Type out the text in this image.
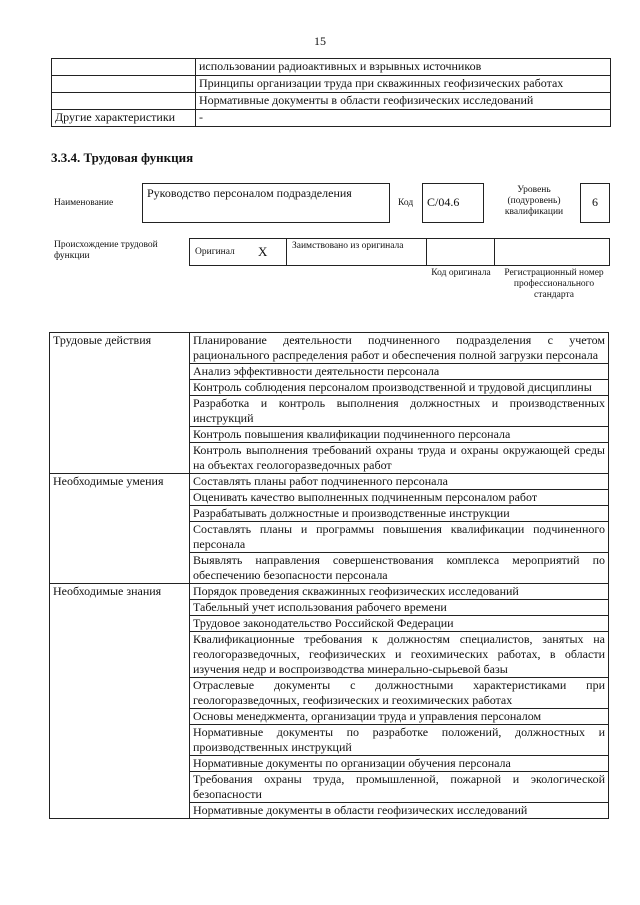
15
	использовании радиоактивных и взрывных источников
	Принципы организации труда при скважинных геофизических работах
	Нормативные документы в области геофизических исследований
Другие характеристики	-
3.3.4. Трудовая функция
Наименование
Руководство персоналом подразделения
Код	C/04.6
Уровень (подуровень) квалификации
6
Происхождение трудовой функции	Оригинал X	Заимствовано из оригинала
Код оригинала	Регистрационный номер профессионального стандарта
Трудовые действия	Планирование деятельности подчиненного подразделения с учетом рационального распределения работ и обеспечения полной загрузки персонала
	Анализ эффективности деятельности персонала
	Контроль соблюдения персоналом производственной и трудовой дисциплины
	Разработка и контроль выполнения должностных и производственных инструкций
	Контроль повышения квалификации подчиненного персонала
	Контроль выполнения требований охраны труда и охраны окружающей среды на объектах геологоразведочных работ
Необходимые умения	Составлять планы работ подчиненного персонала
	Оценивать качество выполненных подчиненным персоналом работ
	Разрабатывать должностные и производственные инструкции
	Составлять планы и программы повышения квалификации подчиненного персонала
	Выявлять направления совершенствования комплекса мероприятий по обеспечению безопасности персонала
Необходимые знания	Порядок проведения скважинных геофизических исследований
	Табельный учет использования рабочего времени
	Трудовое законодательство Российской Федерации
	Квалификационные требования к должностям специалистов, занятых на геологоразведочных, геофизических и геохимических работах, в области изучения недр и воспроизводства минерально-сырьевой базы
	Отраслевые документы с должностными характеристиками при геологоразведочных, геофизических и геохимических работах
	Основы менеджмента, организации труда и управления персоналом
	Нормативные документы по разработке положений, должностных и производственных инструкций
	Нормативные документы по организации обучения персонала
	Требования охраны труда, промышленной, пожарной и экологической безопасности
	Нормативные документы в области геофизических исследований
